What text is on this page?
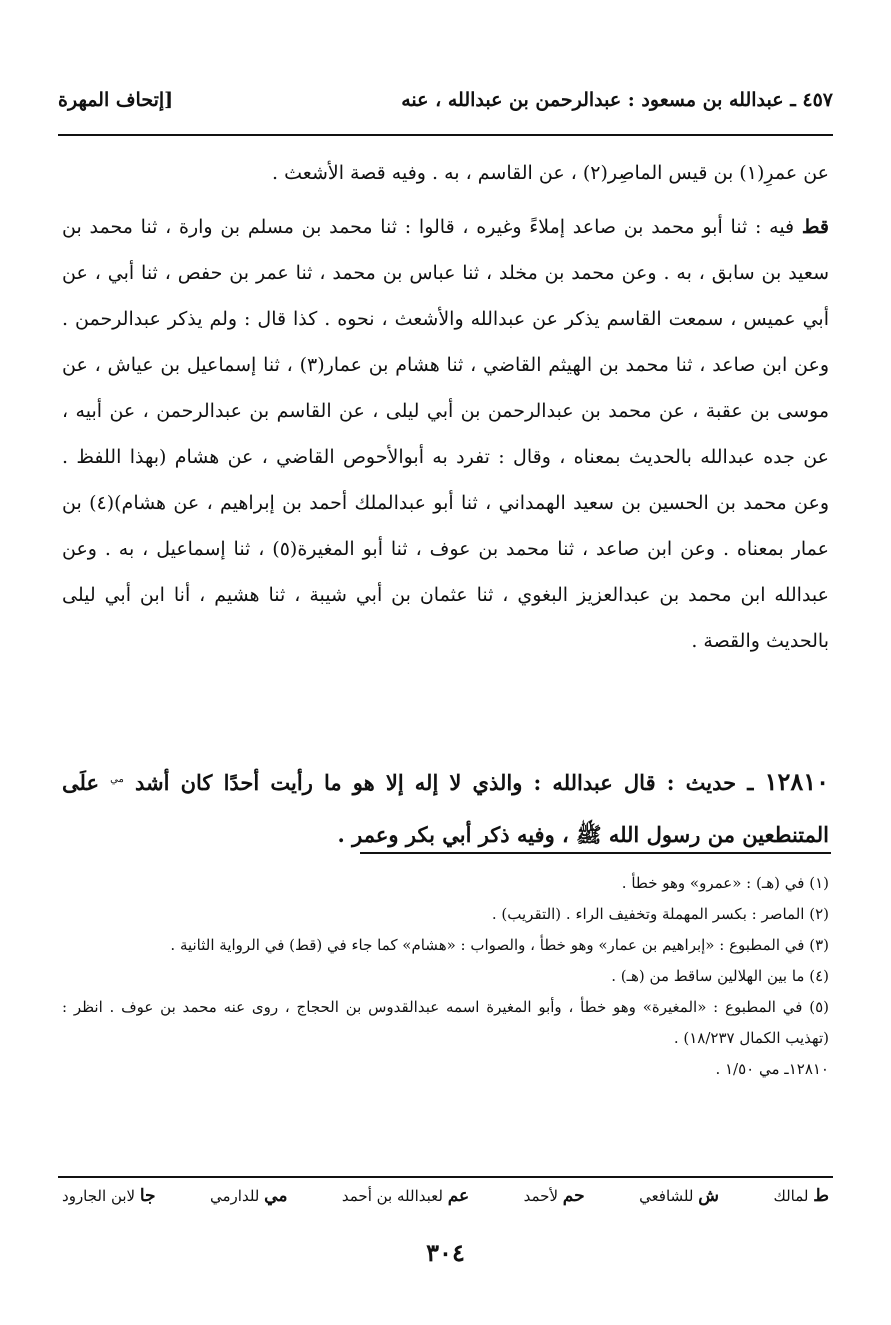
٤٥٧ ـ عبدالله بن مسعود : عبدالرحمن بن عبدالله ، عنه
[إتحاف المهرة

عن عمرِ(١) بن قيس الماصِر(٢) ، عن القاسم ، به . وفيه قصة الأشعث .

قط فيه : ثنا أبو محمد بن صاعد إملاءً وغيره ، قالوا : ثنا محمد بن مسلم بن وارة ، ثنا محمد بن سعيد بن سابق ، به . وعن محمد بن مخلد ، ثنا عباس بن محمد ، ثنا عمر بن حفص ، ثنا أبي ، عن أبي عميس ، سمعت القاسم يذكر عن عبدالله والأشعث ، نحوه . كذا قال : ولم يذكر عبدالرحمن . وعن ابن صاعد ، ثنا محمد بن الهيثم القاضي ، ثنا هشام بن عمار(٣) ، ثنا إسماعيل بن عياش ، عن موسى بن عقبة ، عن محمد بن عبدالرحمن بن أبي ليلى ، عن القاسم بن عبدالرحمن ، عن أبيه ، عن جده عبدالله بالحديث بمعناه ، وقال : تفرد به أبوالأحوص القاضي ، عن هشام (بهذا اللفظ . وعن محمد بن الحسين بن سعيد الهمداني ، ثنا أبو عبدالملك أحمد بن إبراهيم ، عن هشام)(٤) بن عمار بمعناه . وعن ابن صاعد ، ثنا محمد بن عوف ، ثنا أبو المغيرة(٥) ، ثنا إسماعيل ، به . وعن عبدالله ابن محمد بن عبدالعزيز البغوي ، ثنا عثمان بن أبي شيبة ، ثنا هشيم ، أنا ابن أبي ليلى بالحديث والقصة .

١٢٨١٠ ـ حديث : قال عبدالله : والذي لا إله إلا هو ما رأيت أحدًا كان أشد $^{مي}$ علَى المتنطعين من رسول الله ﷺ ، وفيه ذكر أبي بكر وعمر .

(١) في (هـ) : «عمرو» وهو خطأ .

(٢) الماصر : بكسر المهملة وتخفيف الراء . (التقريب) .

(٣) في المطبوع : «إبراهيم بن عمار» وهو خطأ ، والصواب : «هشام» كما جاء في (قط) في الرواية الثانية .

(٤) ما بين الهلالين ساقط من (هـ) .

(٥) في المطبوع : «المغيرة» وهو خطأ ، وأبو المغيرة اسمه عبدالقدوس بن الحجاج ، روى عنه محمد بن عوف . انظر : (تهذيب الكمال ١٨/٢٣٧) .

١٢٨١٠ـ مي ١/٥٠ .

ط لمالك
ش للشافعي
حم لأحمد
عم لعبدالله بن أحمد
مي للدارمي
جا لابن الجارود
٣٠٤
